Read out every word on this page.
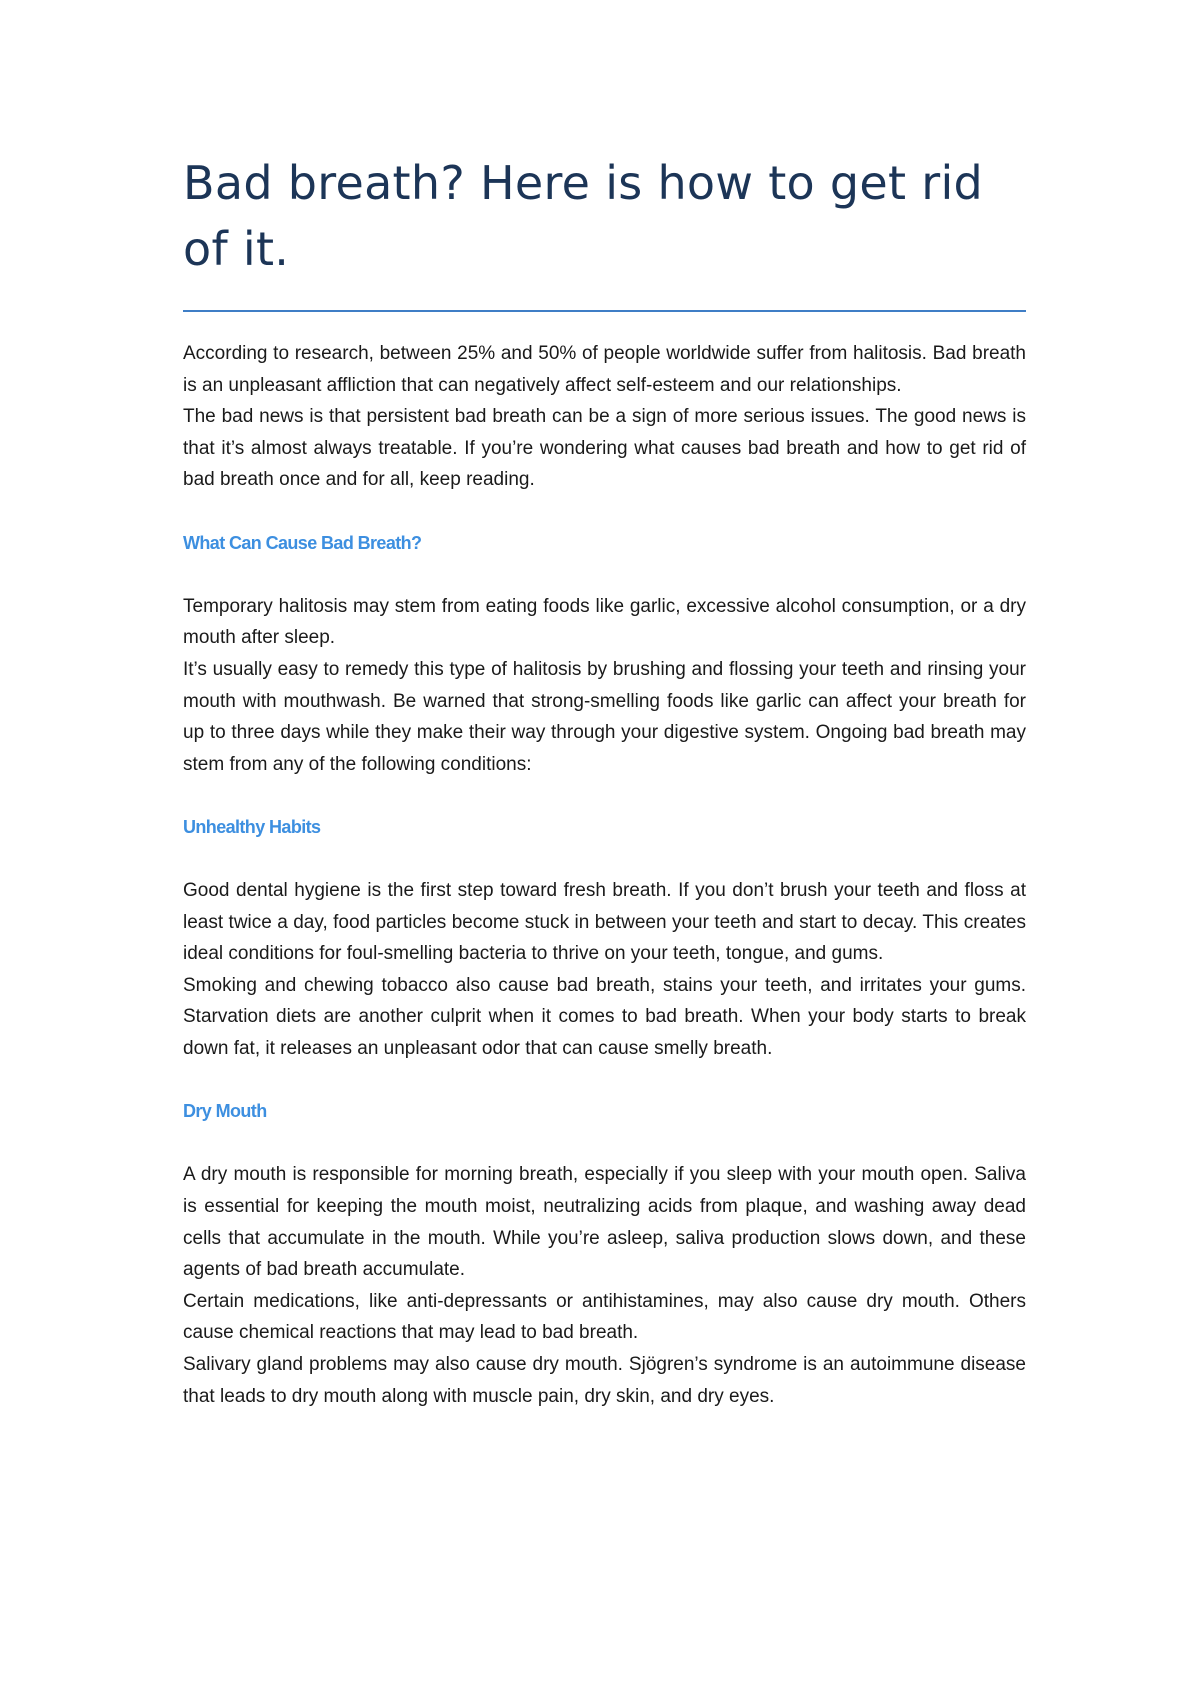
Bad breath? Here is how to get rid of it.

According to research, between 25% and 50% of people worldwide suffer from halitosis. Bad breath is an unpleasant affliction that can negatively affect self-esteem and our relationships.

The bad news is that persistent bad breath can be a sign of more serious issues. The good news is that it’s almost always treatable. If you’re wondering what causes bad breath and how to get rid of bad breath once and for all, keep reading.

What Can Cause Bad Breath?

Temporary halitosis may stem from eating foods like garlic, excessive alcohol consumption, or a dry mouth after sleep.

It’s usually easy to remedy this type of halitosis by brushing and flossing your teeth and rinsing your mouth with mouthwash. Be warned that strong-smelling foods like garlic can affect your breath for up to three days while they make their way through your digestive system. Ongoing bad breath may stem from any of the following conditions:

Unhealthy Habits

Good dental hygiene is the first step toward fresh breath. If you don’t brush your teeth and floss at least twice a day, food particles become stuck in between your teeth and start to decay. This creates ideal conditions for foul-smelling bacteria to thrive on your teeth, tongue, and gums.

Smoking and chewing tobacco also cause bad breath, stains your teeth, and irritates your gums. Starvation diets are another culprit when it comes to bad breath. When your body starts to break down fat, it releases an unpleasant odor that can cause smelly breath.

Dry Mouth

A dry mouth is responsible for morning breath, especially if you sleep with your mouth open. Saliva is essential for keeping the mouth moist, neutralizing acids from plaque, and washing away dead cells that accumulate in the mouth. While you’re asleep, saliva production slows down, and these agents of bad breath accumulate.

Certain medications, like anti-depressants or antihistamines, may also cause dry mouth. Others cause chemical reactions that may lead to bad breath.

Salivary gland problems may also cause dry mouth. Sjögren’s syndrome is an autoimmune disease that leads to dry mouth along with muscle pain, dry skin, and dry eyes.
